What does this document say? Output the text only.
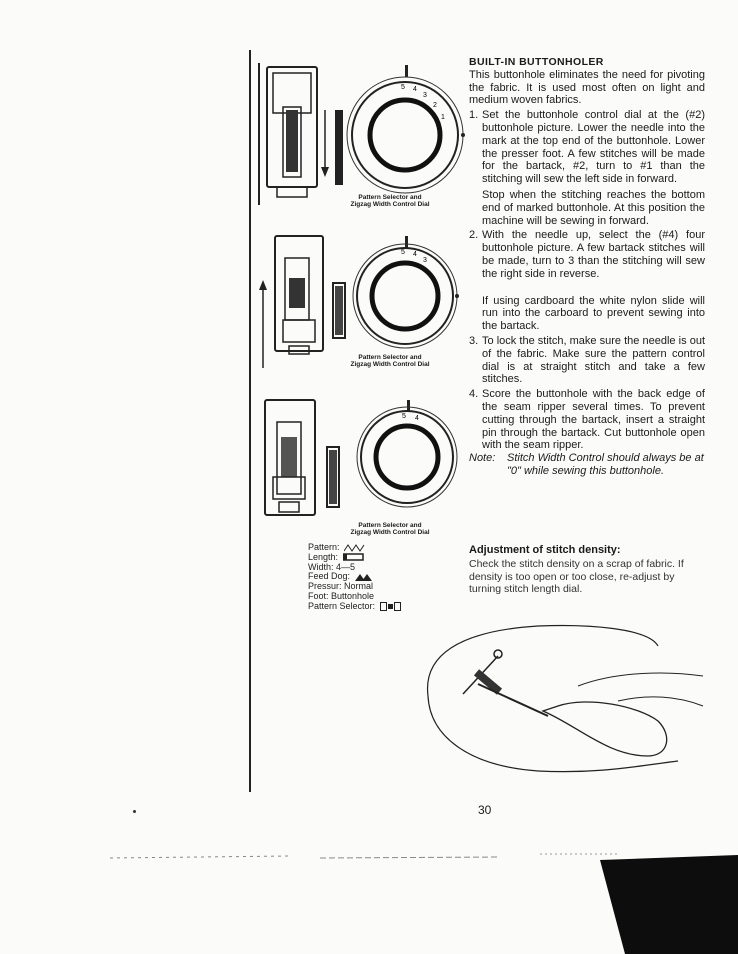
5 4
3
2
1
Pattern Selector and
Zigzag Width Control Dial
5 4
3
Pattern Selector and
Zigzag Width Control Dial
5 4
Pattern Selector and
Zigzag Width Control Dial
Pattern:
Length:
Width: 4—5
Feed Dog:
Pressur: Normal
Foot: Buttonhole
Pattern Selector:
BUILT-IN BUTTONHOLER
This buttonhole eliminates the need for pivoting the fabric. It is used most often on light and medium woven fabrics.
1. Set the buttonhole control dial at the (#2) buttonhole picture. Lower the needle into the mark at the top end of the buttonhole. Lower the presser foot. A few stitches will be made for the bartack, #2, turn to #1 than the stitching will sew the left side in forward.
Stop when the stitching reaches the bottom end of marked buttonhole. At this position the machine will be sewing in forward.
2. With the needle up, select the (#4) four buttonhole picture. A few bartack stitches will be made, turn to 3 than the stitching will sew the right side in reverse.
If using cardboard the white nylon slide will run into the carboard to prevent sewing into the bartack.
3. To lock the stitch, make sure the needle is out of the fabric. Make sure the pattern control dial is at straight stitch and take a few stitches.
4. Score the buttonhole with the back edge of the seam ripper several times. To prevent cutting through the bartack, insert a straight pin through the bartack. Cut buttonhole open with the seam ripper.
Note:	Stitch Width Control should always be at "0" while sewing this buttonhole.
Adjustment of stitch density:
Check the stitch density on a scrap of fabric. If density is too open or too close, re-adjust by turning stitch length dial.
30
